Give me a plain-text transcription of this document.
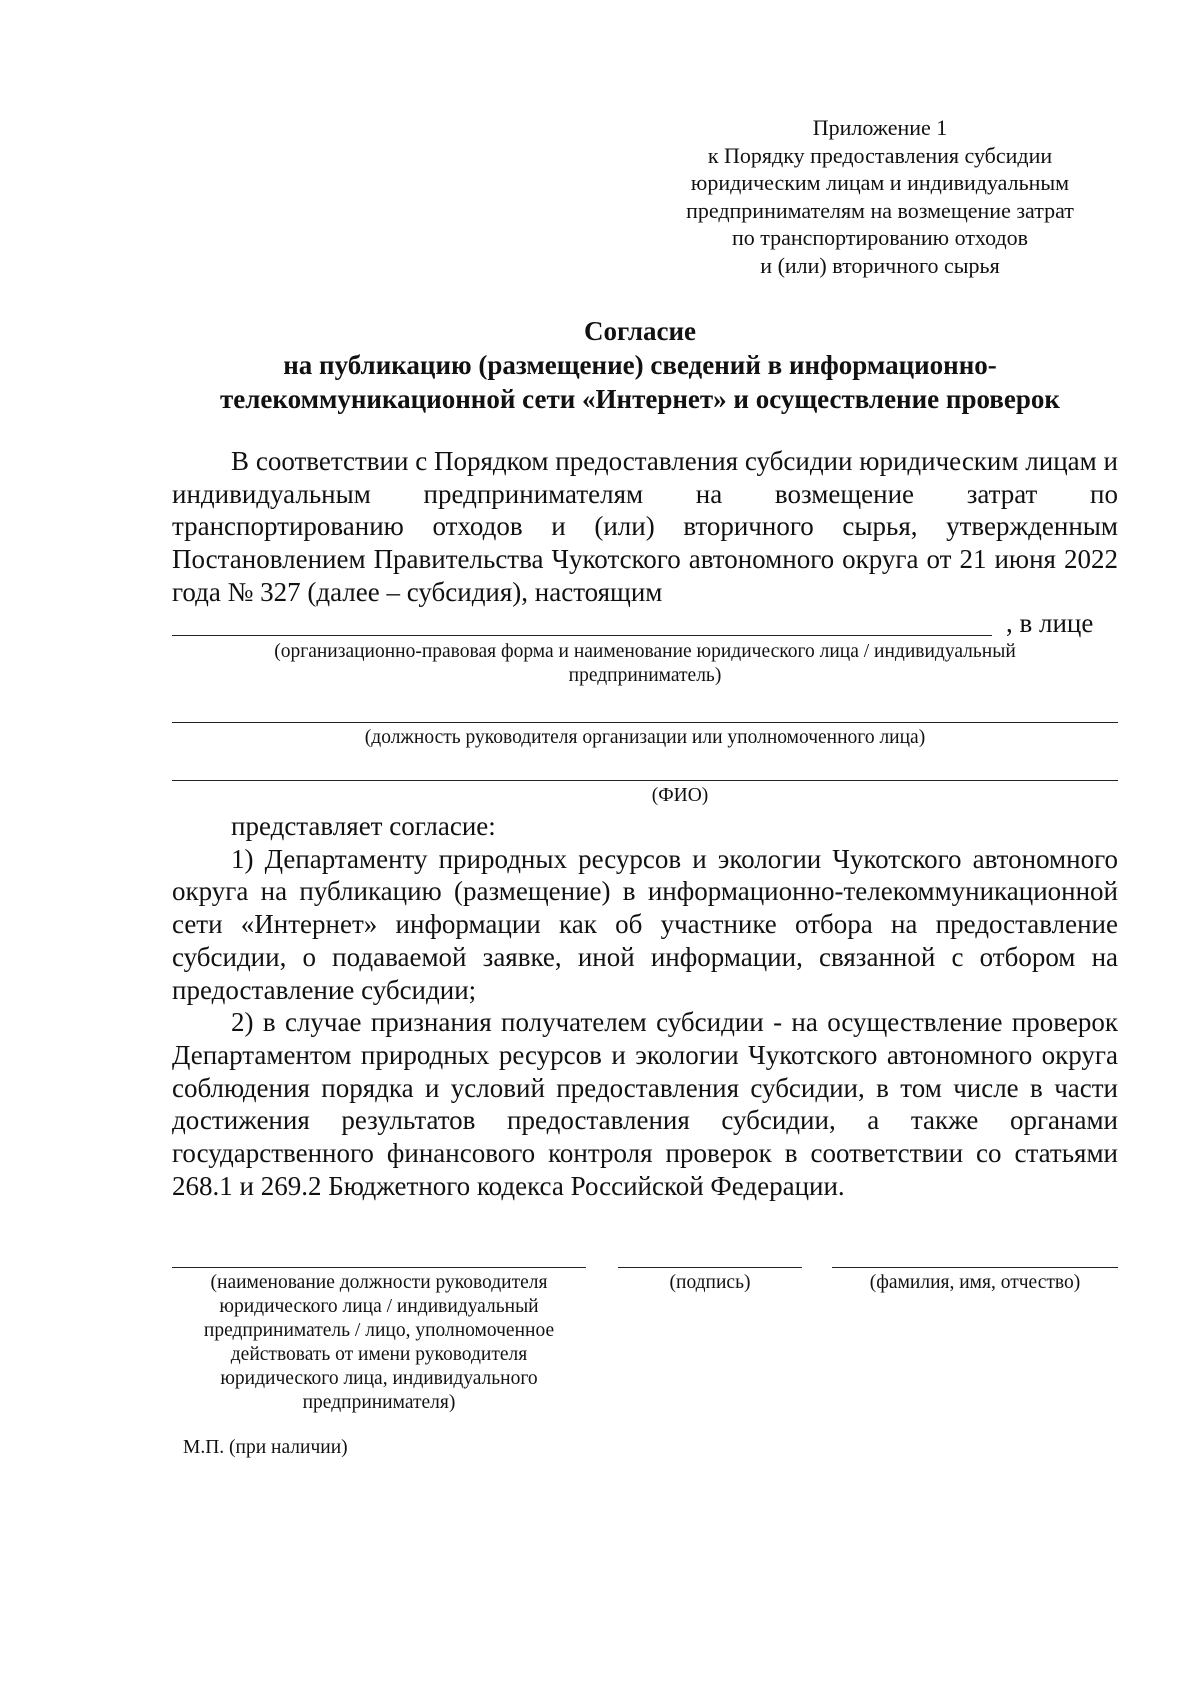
Приложение 1
к Порядку предоставления субсидии
юридическим лицам и индивидуальным
предпринимателям на возмещение затрат
по транспортированию отходов
и (или) вторичного сырья
Согласие
на публикацию (размещение) сведений в информационно-
телекоммуникационной сети «Интернет» и осуществление проверок
В соответствии с Порядком предоставления субсидии юридическим лицам и индивидуальным предпринимателям на возмещение затрат по транспортированию отходов и (или) вторичного сырья, утвержденным Постановлением Правительства Чукотского автономного округа от 21 июня 2022 года № 327 (далее – субсидия), настоящим
, в лице
(организационно-правовая форма и наименование юридического лица / индивидуальный
предприниматель)
(должность руководителя организации или уполномоченного лица)
(ФИО)
представляет согласие:
1) Департаменту природных ресурсов и экологии Чукотского автономного округа на публикацию (размещение) в информационно-телекоммуникационной сети «Интернет» информации как об участнике отбора на предоставление субсидии, о подаваемой заявке, иной информации, связанной с отбором на предоставление субсидии;
2) в случае признания получателем субсидии - на осуществление проверок Департаментом природных ресурсов и экологии Чукотского автономного округа соблюдения порядка и условий предоставления субсидии, в том числе в части достижения результатов предоставления субсидии, а также органами государственного финансового контроля проверок в соответствии со статьями 268.1 и 269.2 Бюджетного кодекса Российской Федерации.
(наименование должности руководителя
юридического лица / индивидуальный
предприниматель / лицо, уполномоченное
действовать от имени руководителя
юридического лица, индивидуального
предпринимателя)
(подпись)	(фамилия, имя, отчество)
М.П. (при наличии)
